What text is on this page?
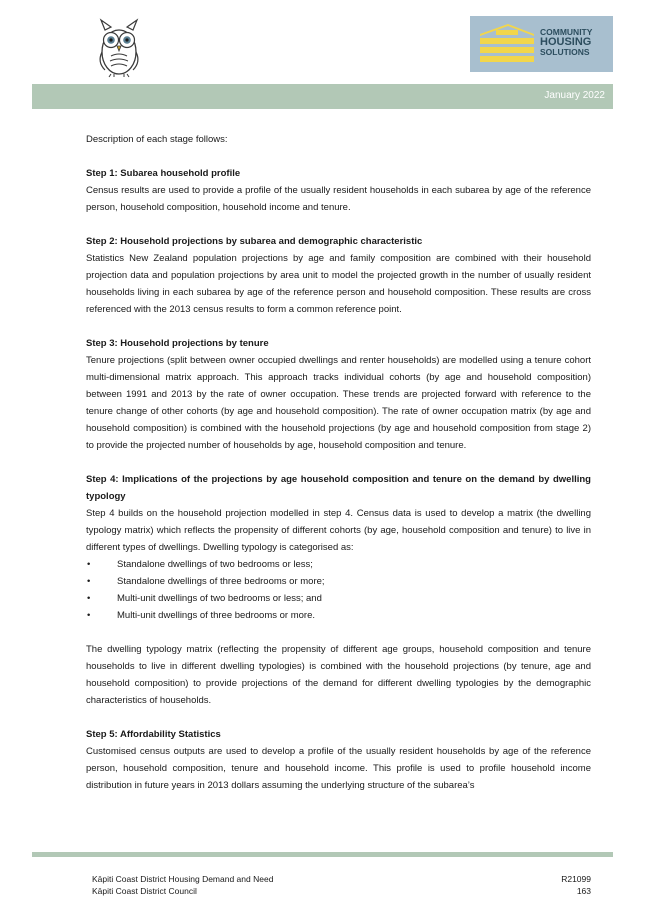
COMMUNITY
HOUSING
SOLUTIONS
January 2022

Description of each stage follows:

Step 1: Subarea household profile

Census results are used to provide a profile of the usually resident households in each subarea by age of the reference person, household composition, household income and tenure.

Step 2: Household projections by subarea and demographic characteristic

Statistics New Zealand population projections by age and family composition are combined with their household projection data and population projections by area unit to model the projected growth in the number of usually resident households living in each subarea by age of the reference person and household composition. These results are cross referenced with the 2013 census results to form a common reference point.

Step 3: Household projections by tenure

Tenure projections (split between owner occupied dwellings and renter households) are modelled using a tenure cohort multi-dimensional matrix approach. This approach tracks individual cohorts (by age and household composition) between 1991 and 2013 by the rate of owner occupation. These trends are projected forward with reference to the tenure change of other cohorts (by age and household composition). The rate of owner occupation matrix (by age and household composition) is combined with the household projections (by age and household composition from stage 2) to provide the projected number of households by age, household composition and tenure.

Step 4: Implications of the projections by age household composition and tenure on the demand by dwelling typology

Step 4 builds on the household projection modelled in step 4. Census data is used to develop a matrix (the dwelling typology matrix) which reflects the propensity of different cohorts (by age, household composition and tenure) to live in different types of dwellings. Dwelling typology is categorised as:

•	Standalone dwellings of two bedrooms or less;
•	Standalone dwellings of three bedrooms or more;
•	Multi-unit dwellings of two bedrooms or less; and
•	Multi-unit dwellings of three bedrooms or more.

The dwelling typology matrix (reflecting the propensity of different age groups, household composition and tenure households to live in different dwelling typologies) is combined with the household projections (by tenure, age and household composition) to provide projections of the demand for different dwelling typologies by the demographic characteristics of households.

Step 5: Affordability Statistics

Customised census outputs are used to develop a profile of the usually resident households by age of the reference person, household composition, tenure and household income. This profile is used to profile household income distribution in future years in 2013 dollars assuming the underlying structure of the subarea’s

Kāpiti Coast District Housing Demand and Need
Kāpiti Coast District Council
R21099
163
